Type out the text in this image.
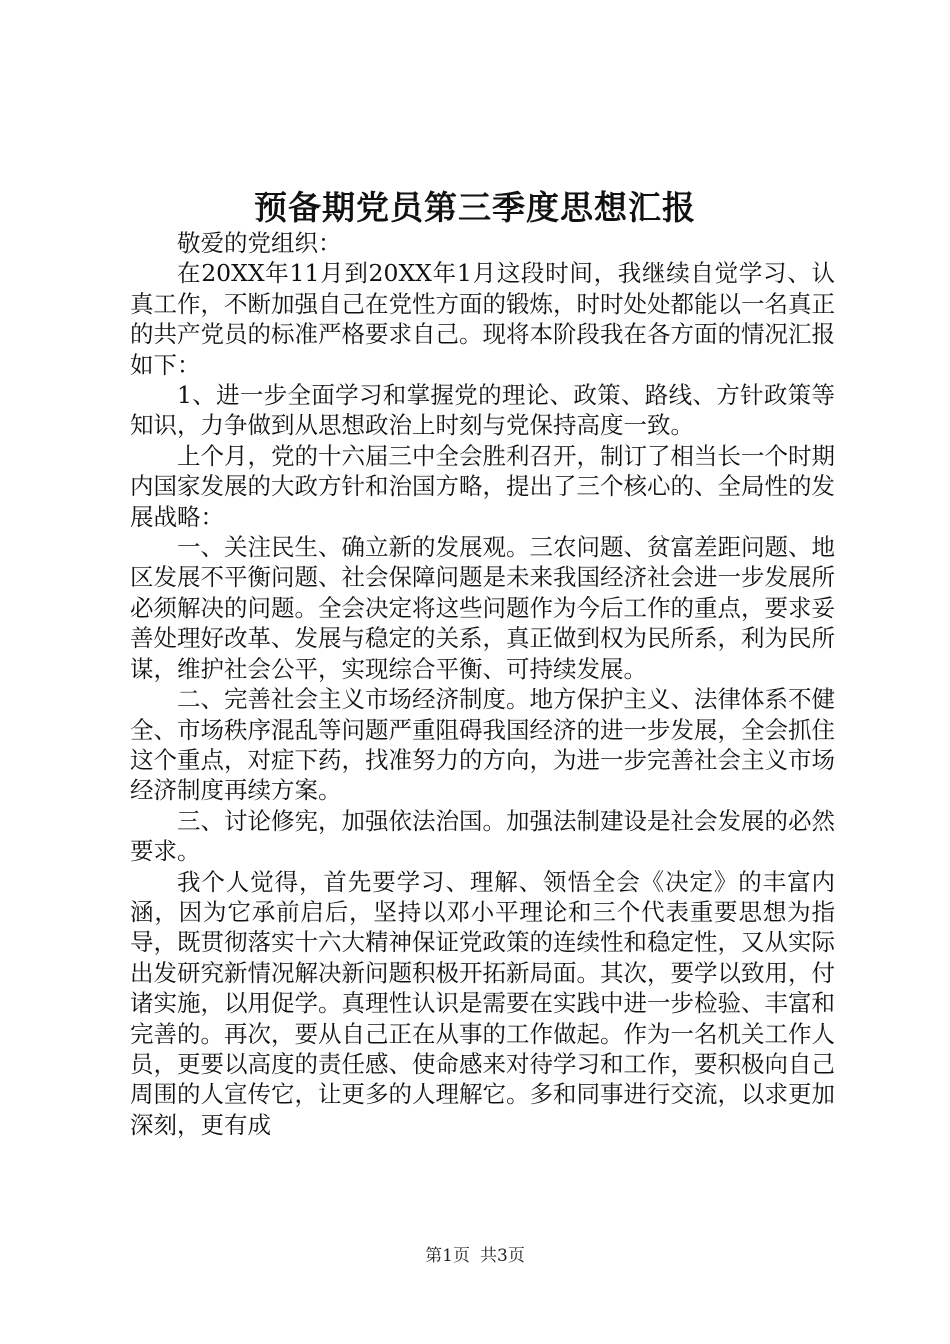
预备期党员第三季度思想汇报

敬爱的党组织：

在20XX年11月到20XX年1月这段时间，我继续自觉学习、认真工作，不断加强自己在党性方面的锻炼，时时处处都能以一名真正的共产党员的标准严格要求自己。现将本阶段我在各方面的情况汇报如下：

1、进一步全面学习和掌握党的理论、政策、路线、方针政策等知识，力争做到从思想政治上时刻与党保持高度一致。

上个月，党的十六届三中全会胜利召开，制订了相当长一个时期内国家发展的大政方针和治国方略，提出了三个核心的、全局性的发展战略：

一、关注民生、确立新的发展观。三农问题、贫富差距问题、地区发展不平衡问题、社会保障问题是未来我国经济社会进一步发展所必须解决的问题。全会决定将这些问题作为今后工作的重点，要求妥善处理好改革、发展与稳定的关系，真正做到权为民所系，利为民所谋，维护社会公平，实现综合平衡、可持续发展。

二、完善社会主义市场经济制度。地方保护主义、法律体系不健全、市场秩序混乱等问题严重阻碍我国经济的进一步发展，全会抓住这个重点，对症下药，找准努力的方向，为进一步完善社会主义市场经济制度再续方案。

三、讨论修宪，加强依法治国。加强法制建设是社会发展的必然要求。

我个人觉得，首先要学习、理解、领悟全会《决定》的丰富内涵，因为它承前启后，坚持以邓小平理论和三个代表重要思想为指导，既贯彻落实十六大精神保证党政策的连续性和稳定性，又从实际出发研究新情况解决新问题积极开拓新局面。其次，要学以致用，付诸实施，以用促学。真理性认识是需要在实践中进一步检验、丰富和完善的。再次，要从自己正在从事的工作做起。作为一名机关工作人员，更要以高度的责任感、使命感来对待学习和工作，要积极向自己周围的人宣传它，让更多的人理解它。多和同事进行交流，以求更加深刻，更有成

第1页 共3页
